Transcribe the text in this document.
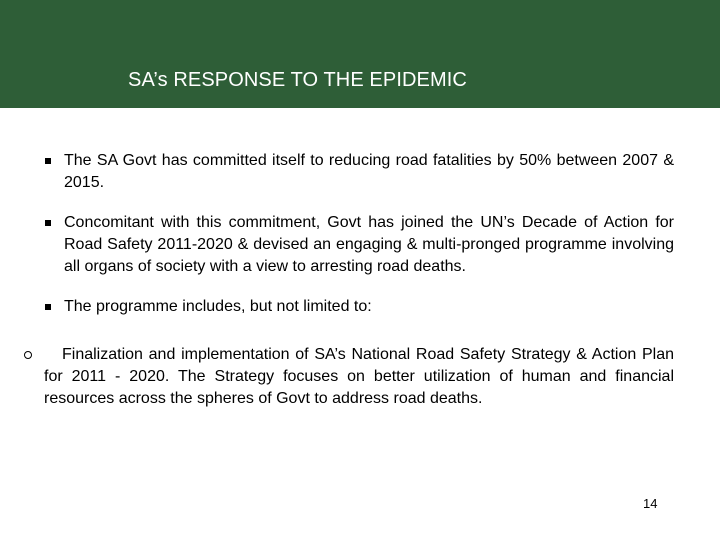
SA’s RESPONSE TO THE EPIDEMIC
The SA Govt has committed itself to reducing road fatalities by 50% between 2007 & 2015.
Concomitant with this commitment, Govt has joined the UN’s Decade of Action for Road Safety 2011-2020 & devised an engaging & multi-pronged programme involving all organs of society with a view to arresting road deaths.
The programme includes, but not limited to:
Finalization and implementation of SA’s National Road Safety Strategy & Action Plan for 2011 - 2020. The Strategy focuses on better utilization of human and financial resources across the spheres of Govt to address road deaths.
14
